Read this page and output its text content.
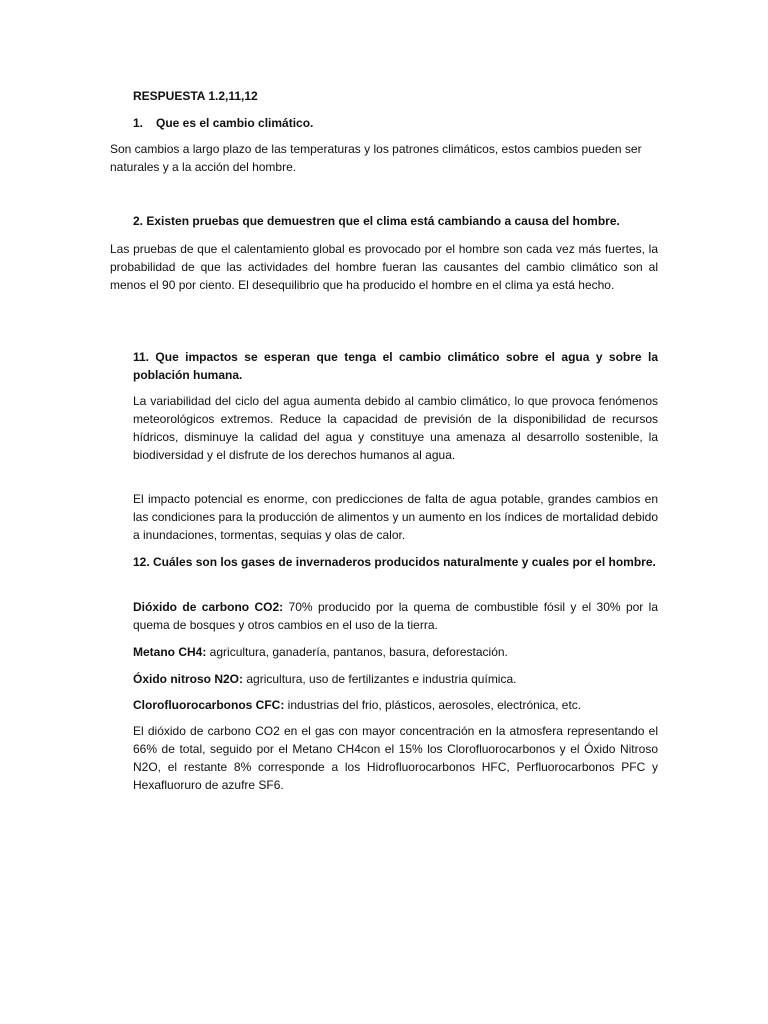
RESPUESTA 1.2,11,12

1. Que es el cambio climático.

Son cambios a largo plazo de las temperaturas y los patrones climáticos, estos cambios pueden ser naturales y a la acción del hombre.

2. Existen pruebas que demuestren que el clima está cambiando a causa del hombre.

Las pruebas de que el calentamiento global es provocado por el hombre son cada vez más fuertes, la probabilidad de que las actividades del hombre fueran las causantes del cambio climático son al menos el 90 por ciento. El desequilibrio que ha producido el hombre en el clima ya está hecho.

11. Que impactos se esperan que tenga el cambio climático sobre el agua y sobre la población humana.

La variabilidad del ciclo del agua aumenta debido al cambio climático, lo que provoca fenómenos meteorológicos extremos. Reduce la capacidad de previsión de la disponibilidad de recursos hídricos, disminuye la calidad del agua y constituye una amenaza al desarrollo sostenible, la biodiversidad y el disfrute de los derechos humanos al agua.

El impacto potencial es enorme, con predicciones de falta de agua potable, grandes cambios en las condiciones para la producción de alimentos y un aumento en los índices de mortalidad debido a inundaciones, tormentas, sequias y olas de calor.

12. Cuáles son los gases de invernaderos producidos naturalmente y cuales por el hombre.

Dióxido de carbono CO2: 70% producido por la quema de combustible fósil y el 30% por la quema de bosques y otros cambios en el uso de la tierra.

Metano CH4: agricultura, ganadería, pantanos, basura, deforestación.

Óxido nitroso N2O: agricultura, uso de fertilizantes e industria química.

Clorofluorocarbonos CFC: industrias del frio, plásticos, aerosoles, electrónica, etc.

El dióxido de carbono CO2 en el gas con mayor concentración en la atmosfera representando el 66% de total, seguido por el Metano CH4con el 15% los Clorofluorocarbonos y el Óxido Nitroso N2O, el restante 8% corresponde a los Hidrofluorocarbonos HFC, Perfluorocarbonos PFC y Hexafluoruro de azufre SF6.
